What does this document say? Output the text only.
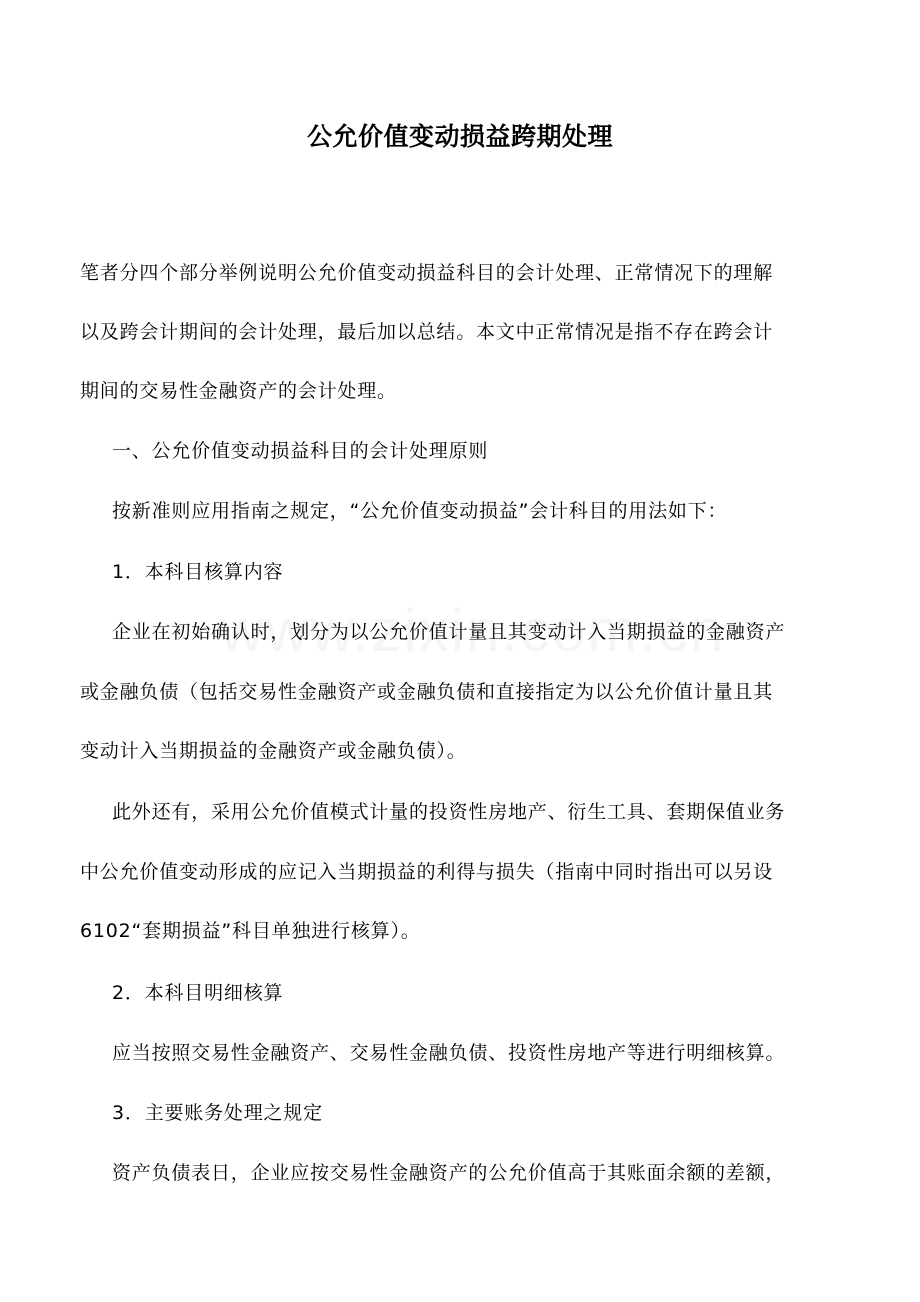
公允价值变动损益跨期处理
笔者分四个部分举例说明公允价值变动损益科目的会计处理、正常情况下的理解
以及跨会计期间的会计处理，最后加以总结。本文中正常情况是指不存在跨会计
期间的交易性金融资产的会计处理。
一、公允价值变动损益科目的会计处理原则
按新准则应用指南之规定，“公允价值变动损益”会计科目的用法如下：
1．本科目核算内容
企业在初始确认时，划分为以公允价值计量且其变动计入当期损益的金融资产
或金融负债（包括交易性金融资产或金融负债和直接指定为以公允价值计量且其
变动计入当期损益的金融资产或金融负债）。
此外还有，采用公允价值模式计量的投资性房地产、衍生工具、套期保值业务
中公允价值变动形成的应记入当期损益的利得与损失（指南中同时指出可以另设
6102“套期损益”科目单独进行核算）。
2．本科目明细核算
应当按照交易性金融资产、交易性金融负债、投资性房地产等进行明细核算。
3．主要账务处理之规定
资产负债表日，企业应按交易性金融资产的公允价值高于其账面余额的差额，
